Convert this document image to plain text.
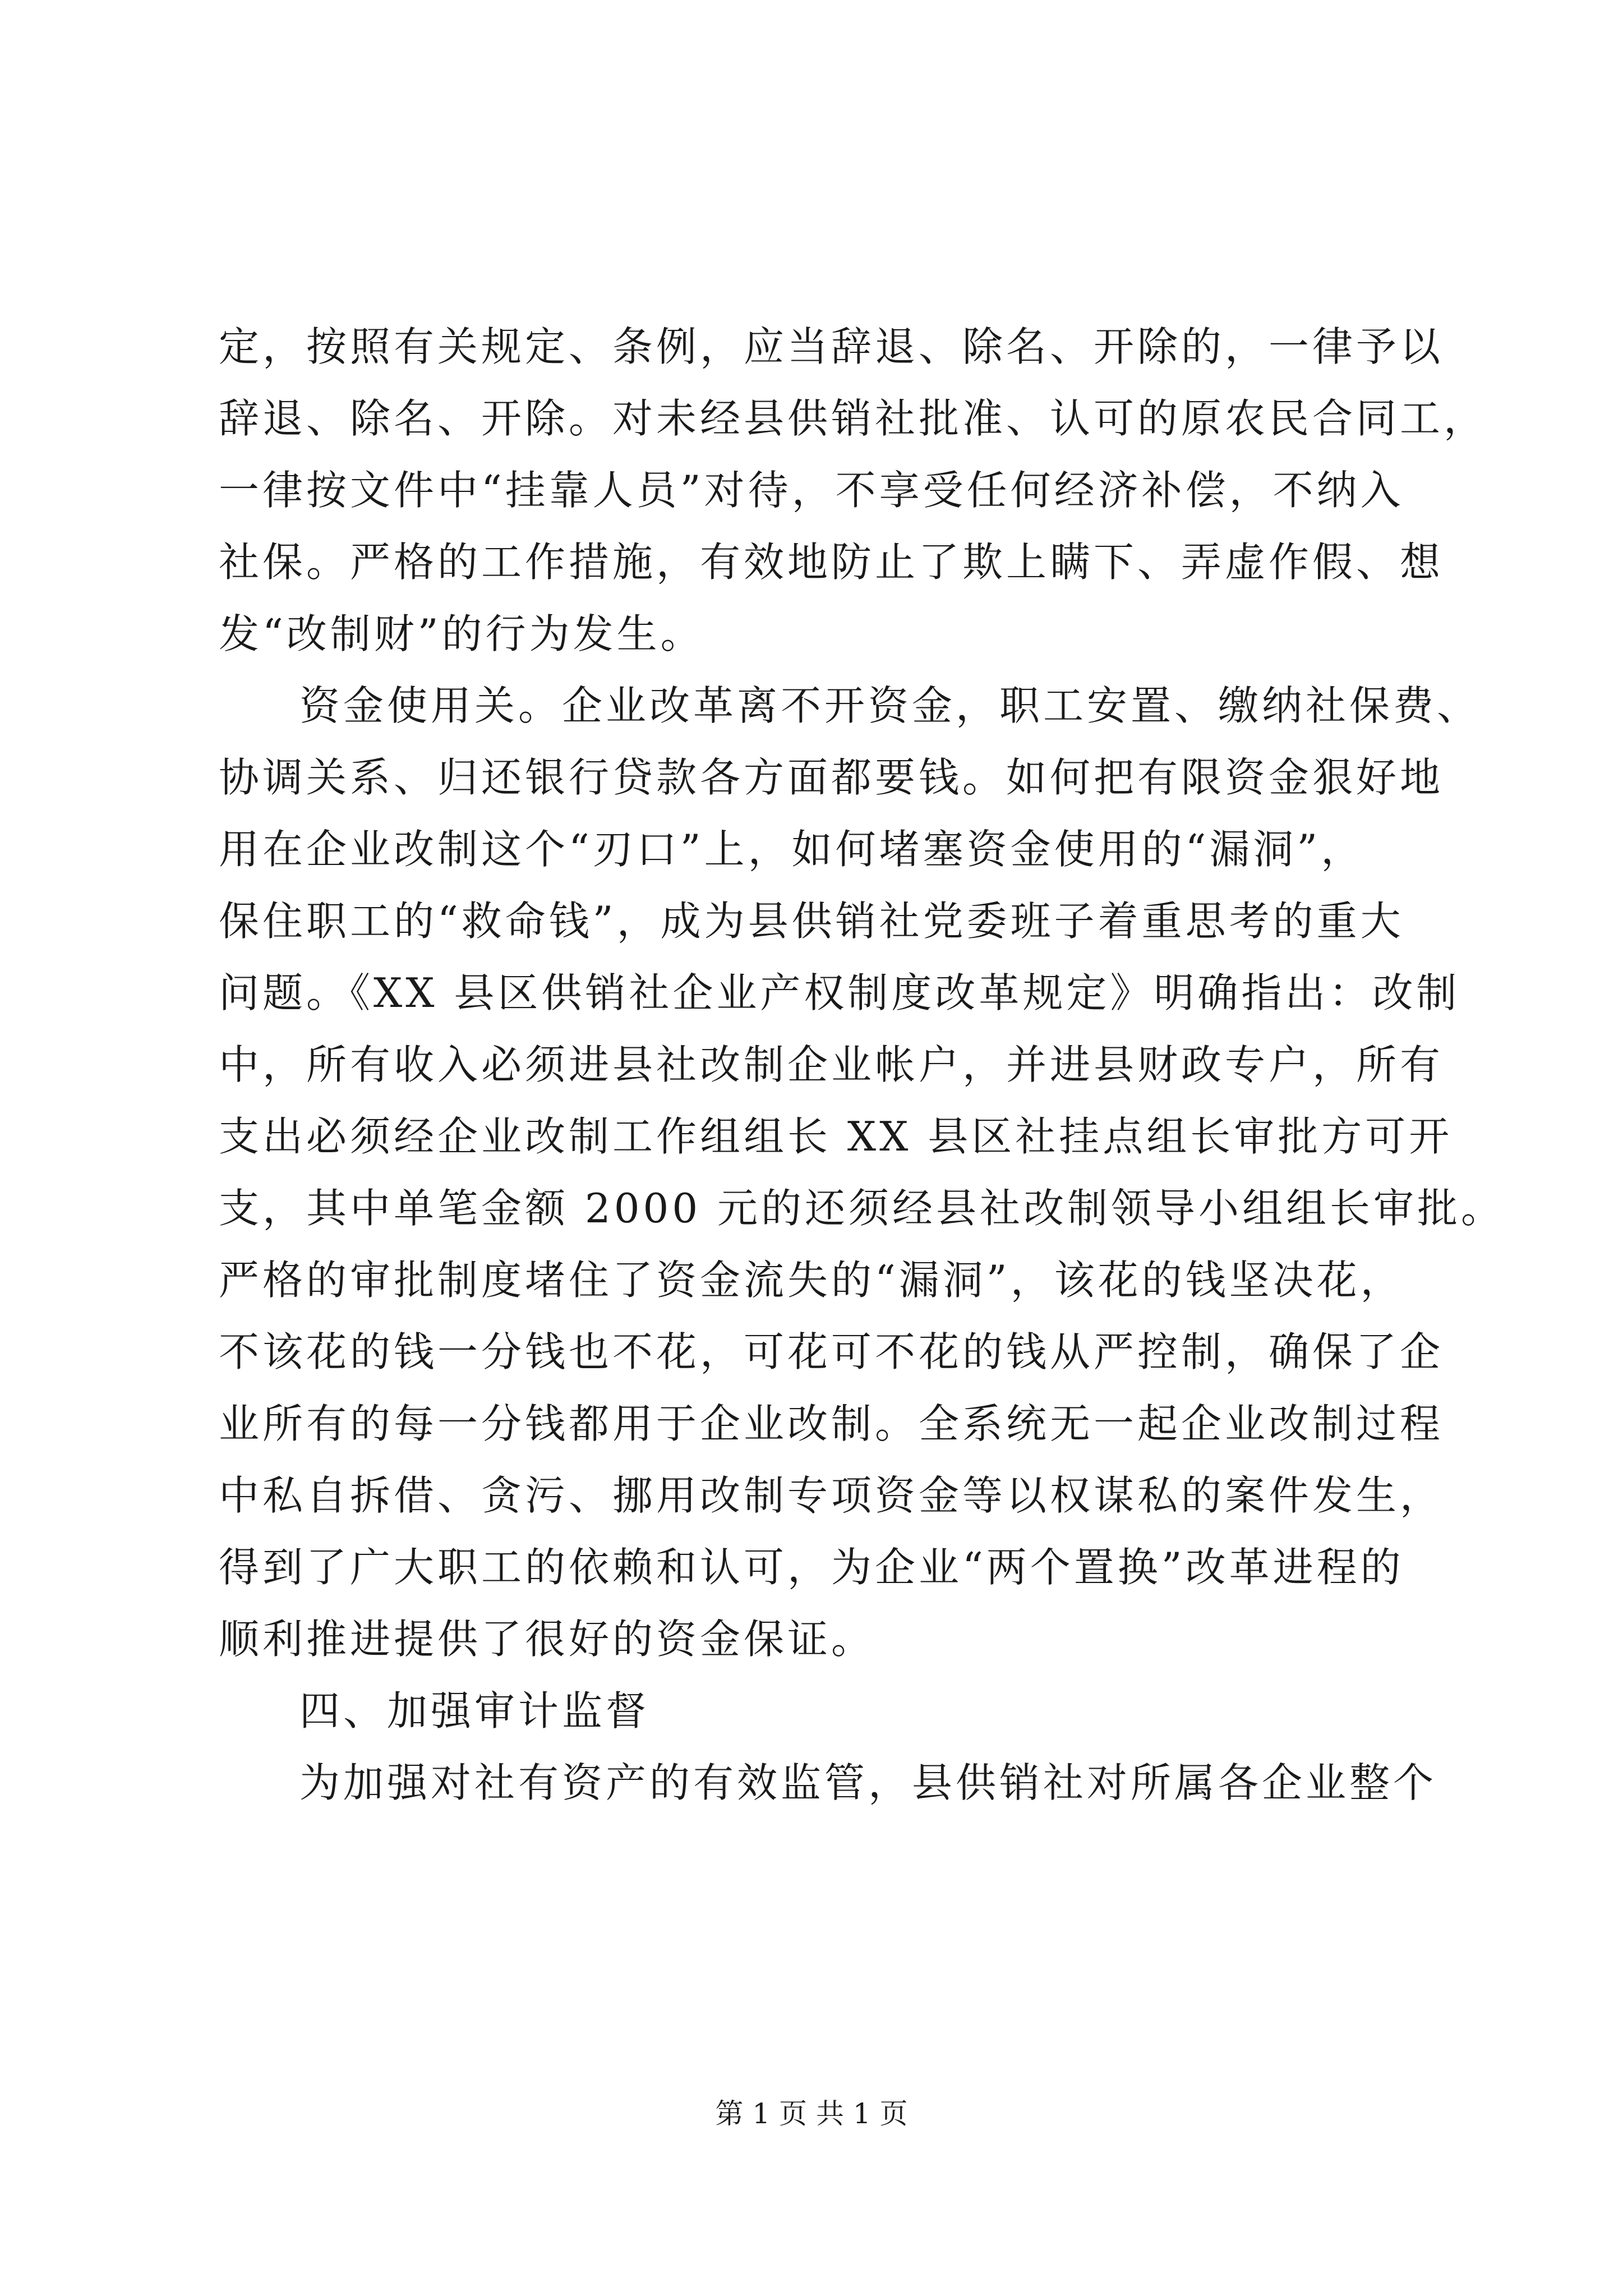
定，按照有关规定、条例，应当辞退、除名、开除的，一律予以
辞退、除名、开除。对未经县供销社批准、认可的原农民合同工，
一律按文件中“挂靠人员”对待，不享受任何经济补偿，不纳入
社保。严格的工作措施，有效地防止了欺上瞒下、弄虚作假、想
发“改制财”的行为发生。
资金使用关。企业改革离不开资金，职工安置、缴纳社保费、
协调关系、归还银行贷款各方面都要钱。如何把有限资金狠好地
用在企业改制这个“刃口”上，如何堵塞资金使用的“漏洞”，
保住职工的“救命钱”，成为县供销社党委班子着重思考的重大
问题。《XX 县区供销社企业产权制度改革规定》明确指出：改制
中，所有收入必须进县社改制企业帐户，并进县财政专户，所有
支出必须经企业改制工作组组长 XX 县区社挂点组长审批方可开
支，其中单笔金额 2000 元的还须经县社改制领导小组组长审批。
严格的审批制度堵住了资金流失的“漏洞”，该花的钱坚决花，
不该花的钱一分钱也不花，可花可不花的钱从严控制，确保了企
业所有的每一分钱都用于企业改制。全系统无一起企业改制过程
中私自拆借、贪污、挪用改制专项资金等以权谋私的案件发生，
得到了广大职工的依赖和认可，为企业“两个置换”改革进程的
顺利推进提供了很好的资金保证。
四、加强审计监督
为加强对社有资产的有效监管，县供销社对所属各企业整个
第 1 页 共 1 页
